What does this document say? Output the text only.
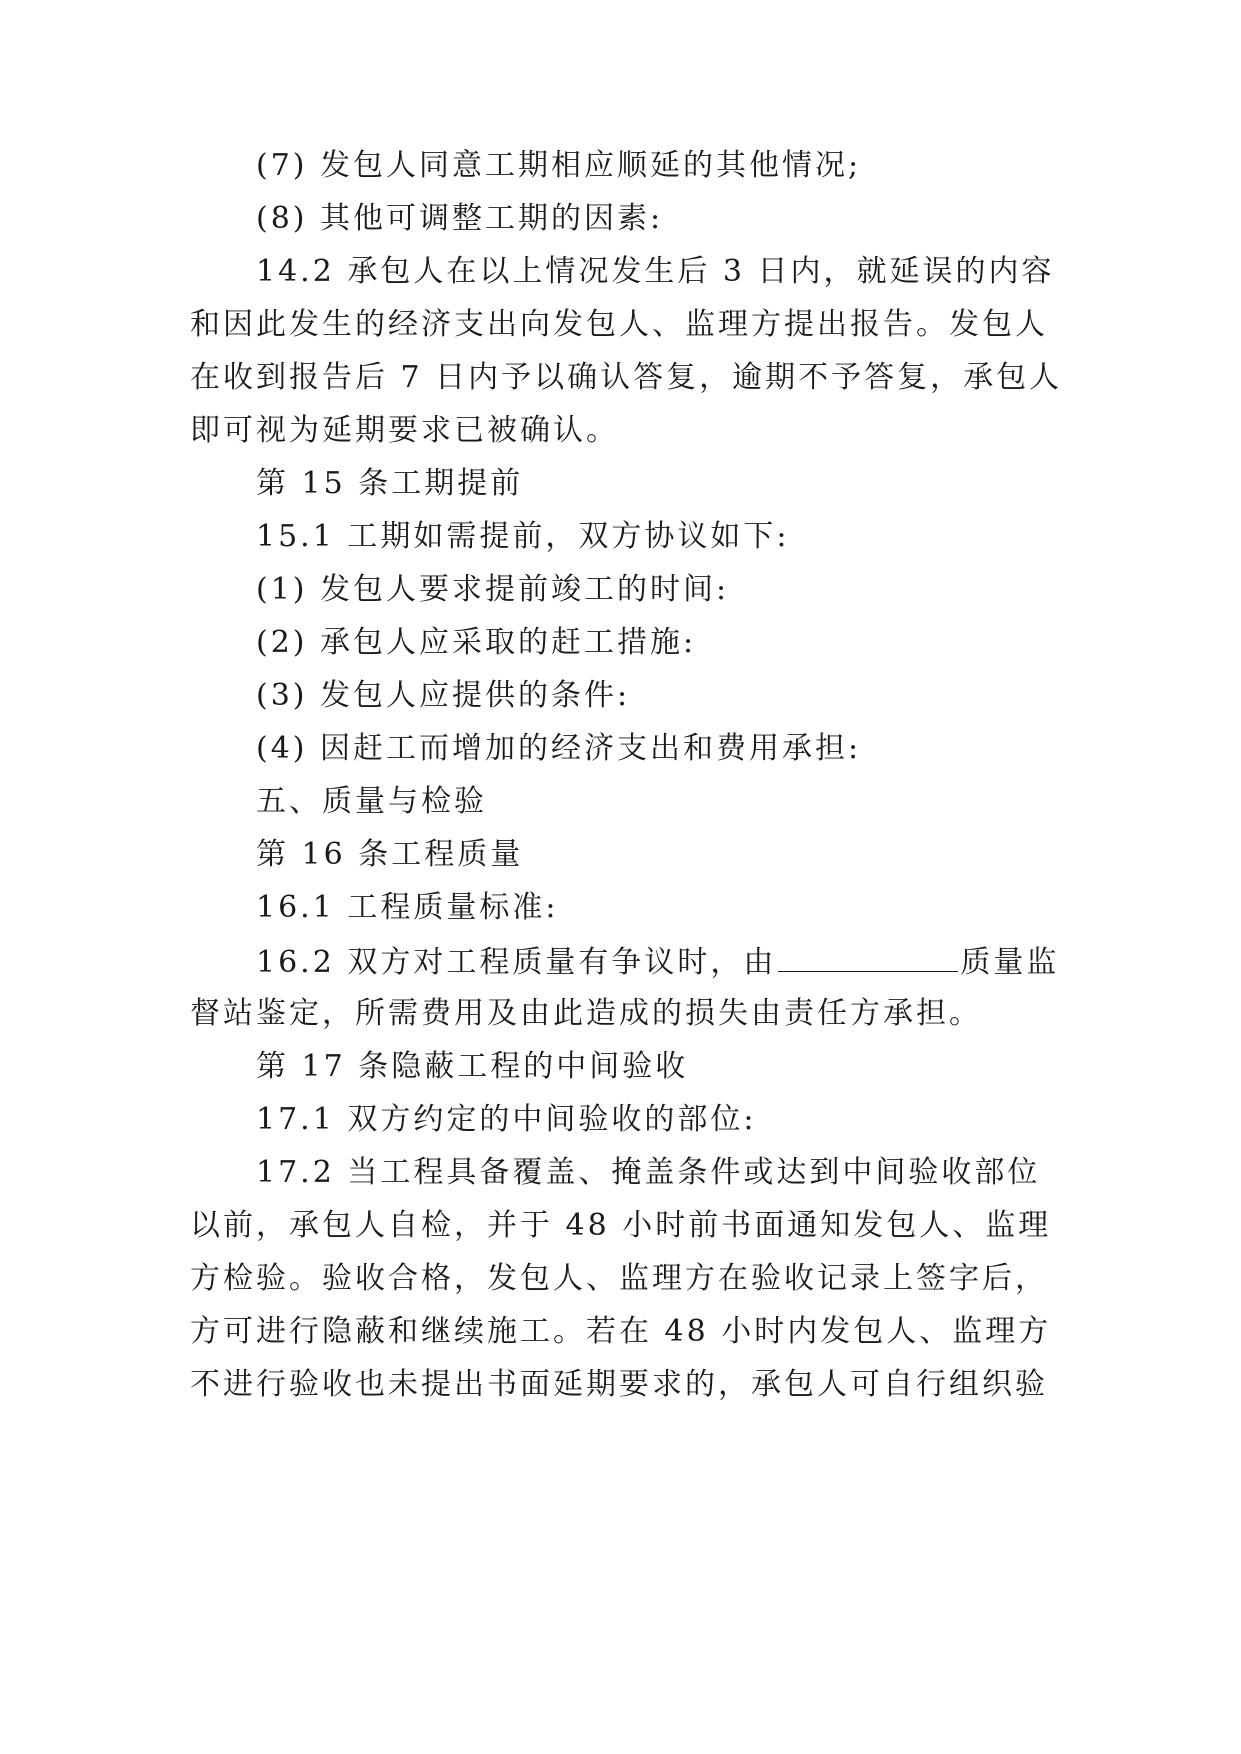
(7) 发包人同意工期相应顺延的其他情况;
(8) 其他可调整工期的因素:
14.2 承包人在以上情况发生后 3 日内，就延误的内容
和因此发生的经济支出向发包人、监理方提出报告。发包人
在收到报告后 7 日内予以确认答复，逾期不予答复，承包人
即可视为延期要求已被确认。
第 15 条工期提前
15.1 工期如需提前，双方协议如下:
(1) 发包人要求提前竣工的时间:
(2) 承包人应采取的赶工措施:
(3) 发包人应提供的条件:
(4) 因赶工而增加的经济支出和费用承担:
五、质量与检验
第 16 条工程质量
16.1 工程质量标准:
16.2 双方对工程质量有争议时，由	质量监
督站鉴定，所需费用及由此造成的损失由责任方承担。
第 17 条隐蔽工程的中间验收
17.1 双方约定的中间验收的部位:
17.2 当工程具备覆盖、掩盖条件或达到中间验收部位
以前，承包人自检，并于 48 小时前书面通知发包人、监理
方检验。验收合格，发包人、监理方在验收记录上签字后，
方可进行隐蔽和继续施工。若在 48 小时内发包人、监理方
不进行验收也未提出书面延期要求的，承包人可自行组织验
